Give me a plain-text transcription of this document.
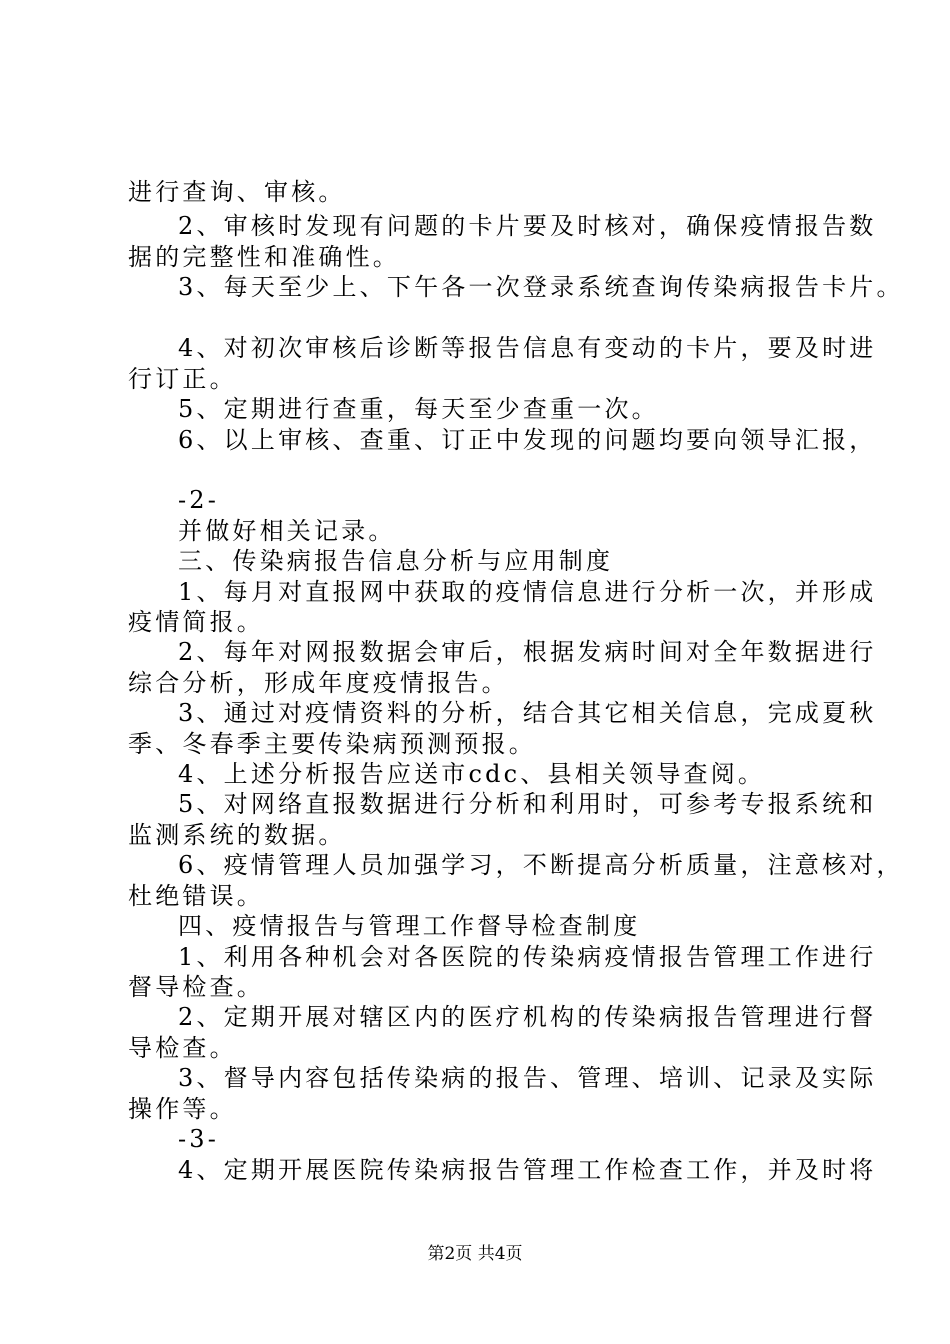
进行查询、审核。
2、审核时发现有问题的卡片要及时核对，确保疫情报告数
据的完整性和准确性。
3、每天至少上、下午各一次登录系统查询传染病报告卡片。
4、对初次审核后诊断等报告信息有变动的卡片，要及时进
行订正。
5、定期进行查重，每天至少查重一次。
6、以上审核、查重、订正中发现的问题均要向领导汇报，
-2-
并做好相关记录。
三、传染病报告信息分析与应用制度
1、每月对直报网中获取的疫情信息进行分析一次，并形成
疫情简报。
2、每年对网报数据会审后，根据发病时间对全年数据进行
综合分析，形成年度疫情报告。
3、通过对疫情资料的分析，结合其它相关信息，完成夏秋
季、冬春季主要传染病预测预报。
4、上述分析报告应送市cdc、县相关领导查阅。
5、对网络直报数据进行分析和利用时，可参考专报系统和
监测系统的数据。
6、疫情管理人员加强学习，不断提高分析质量，注意核对，
杜绝错误。
四、疫情报告与管理工作督导检查制度
1、利用各种机会对各医院的传染病疫情报告管理工作进行
督导检查。
2、定期开展对辖区内的医疗机构的传染病报告管理进行督
导检查。
3、督导内容包括传染病的报告、管理、培训、记录及实际
操作等。
-3-
4、定期开展医院传染病报告管理工作检查工作，并及时将
第2页 共4页
